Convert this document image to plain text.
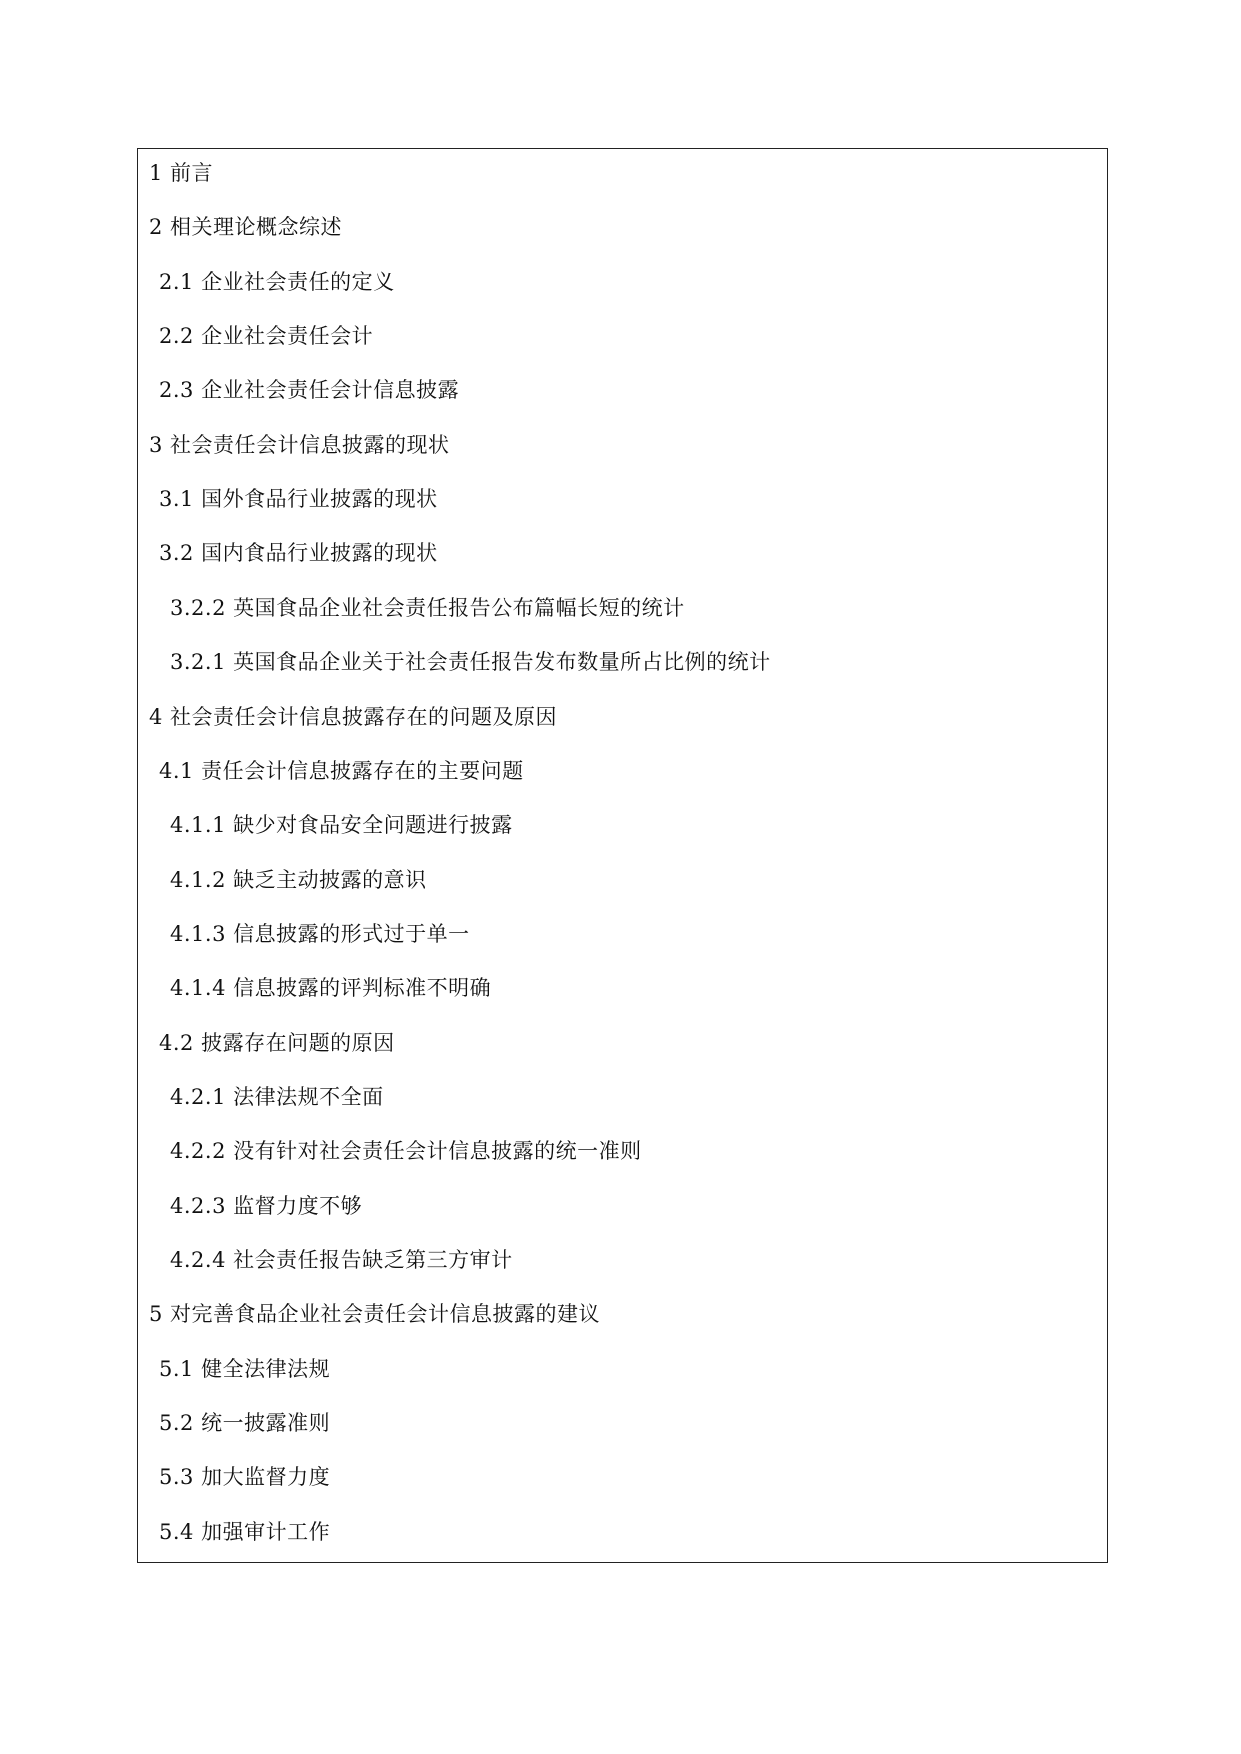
1 前言
2 相关理论概念综述
2.1 企业社会责任的定义
2.2 企业社会责任会计
2.3 企业社会责任会计信息披露
3 社会责任会计信息披露的现状
3.1 国外食品行业披露的现状
3.2 国内食品行业披露的现状
3.2.2 英国食品企业社会责任报告公布篇幅长短的统计
3.2.1 英国食品企业关于社会责任报告发布数量所占比例的统计
4 社会责任会计信息披露存在的问题及原因
4.1 责任会计信息披露存在的主要问题
4.1.1 缺少对食品安全问题进行披露
4.1.2 缺乏主动披露的意识
4.1.3 信息披露的形式过于单一
4.1.4 信息披露的评判标准不明确
4.2 披露存在问题的原因
4.2.1 法律法规不全面
4.2.2 没有针对社会责任会计信息披露的统一准则
4.2.3 监督力度不够
4.2.4 社会责任报告缺乏第三方审计
5 对完善食品企业社会责任会计信息披露的建议
5.1 健全法律法规
5.2 统一披露准则
5.3 加大监督力度
5.4 加强审计工作
